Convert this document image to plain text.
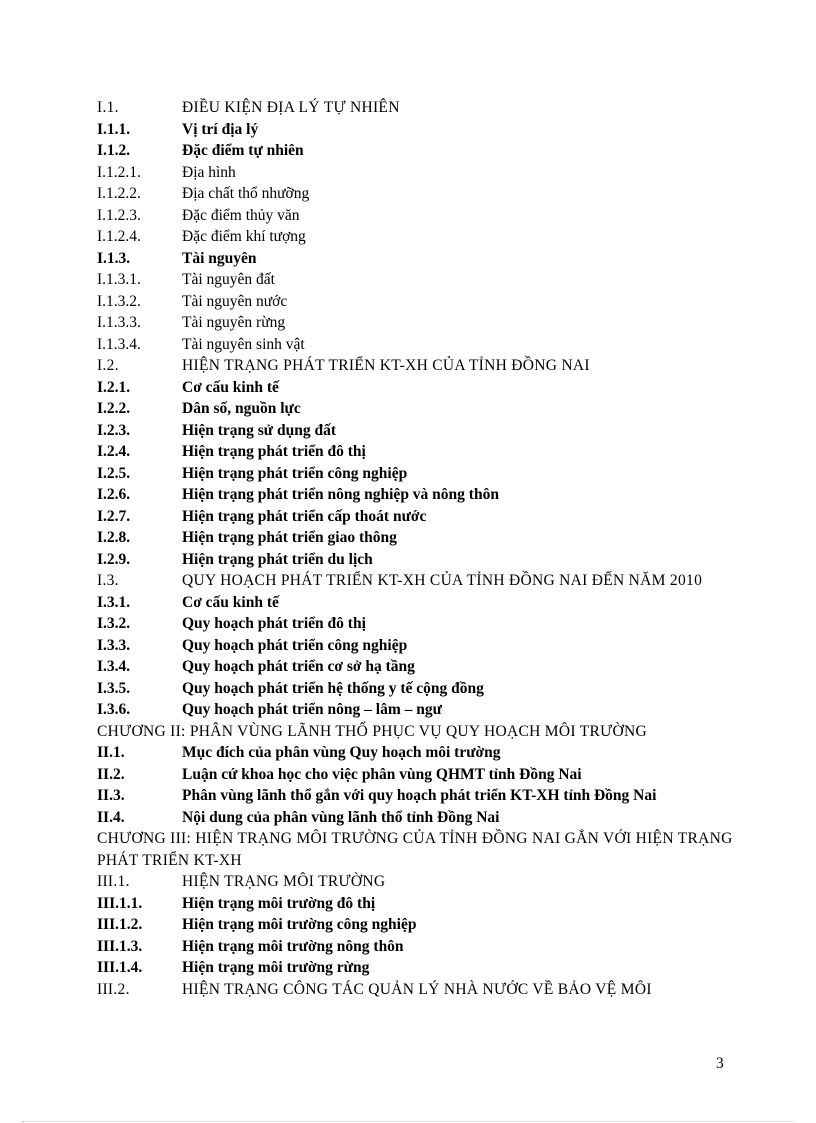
I.1.	ĐIỀU KIỆN ĐỊA LÝ TỰ NHIÊN
I.1.1.	Vị trí địa lý
I.1.2.	Đặc điểm tự nhiên
I.1.2.1.	Địa hình
I.1.2.2.	Địa chất thổ nhưỡng
I.1.2.3.	Đặc điểm thủy văn
I.1.2.4.	Đặc điểm khí tượng
I.1.3.	Tài nguyên
I.1.3.1.	Tài nguyên đất
I.1.3.2.	Tài nguyên nước
I.1.3.3.	Tài nguyên rừng
I.1.3.4.	Tài nguyên sinh vật
I.2.	HIỆN TRẠNG PHÁT TRIỂN KT-XH CỦA TỈNH ĐỒNG NAI
I.2.1.	Cơ cấu kinh tế
I.2.2.	Dân số, nguồn lực
I.2.3.	Hiện trạng sử dụng đất
I.2.4.	Hiện trạng phát triển đô thị
I.2.5.	Hiện trạng phát triển công nghiệp
I.2.6.	Hiện trạng phát triển nông nghiệp và nông thôn
I.2.7.	Hiện trạng phát triển cấp thoát nước
I.2.8.	Hiện trạng phát triển giao thông
I.2.9.	Hiện trạng phát triển du lịch
I.3.	QUY HOẠCH PHÁT TRIỂN KT-XH CỦA TỈNH ĐỒNG NAI ĐẾN NĂM 2010
I.3.1.	Cơ cấu kinh tế
I.3.2.	Quy hoạch phát triển đô thị
I.3.3.	Quy hoạch phát triển công nghiệp
I.3.4.	Quy hoạch phát triển cơ sở hạ tầng
I.3.5.	Quy hoạch phát triển hệ thống y tế cộng đồng
I.3.6.	Quy hoạch phát triển nông – lâm – ngư
CHƯƠNG II: PHÂN VÙNG LÃNH THỔ PHỤC VỤ QUY HOẠCH MÔI TRƯỜNG
II.1.	Mục đích của phân vùng Quy hoạch môi trường
II.2.	Luận cứ khoa học cho việc phân vùng QHMT tỉnh Đồng Nai
II.3.	Phân vùng lãnh thổ gắn với quy hoạch phát triển KT-XH tỉnh Đồng Nai
II.4.	Nội dung của phân vùng lãnh thổ tỉnh Đồng Nai
CHƯƠNG III: HIỆN TRẠNG MÔI TRƯỜNG CỦA TỈNH ĐỒNG NAI GẮN VỚI HIỆN TRẠNG PHÁT TRIỂN KT-XH
III.1.	HIỆN TRẠNG MÔI TRƯỜNG
III.1.1.	Hiện trạng môi trường đô thị
III.1.2.	Hiện trạng môi trường công nghiệp
III.1.3.	Hiện trạng môi trường nông thôn
III.1.4.	Hiện trạng môi trường rừng
III.2.	HIỆN TRẠNG CÔNG TÁC QUẢN LÝ NHÀ NƯỚC VỀ BẢO VỆ MÔI
3
